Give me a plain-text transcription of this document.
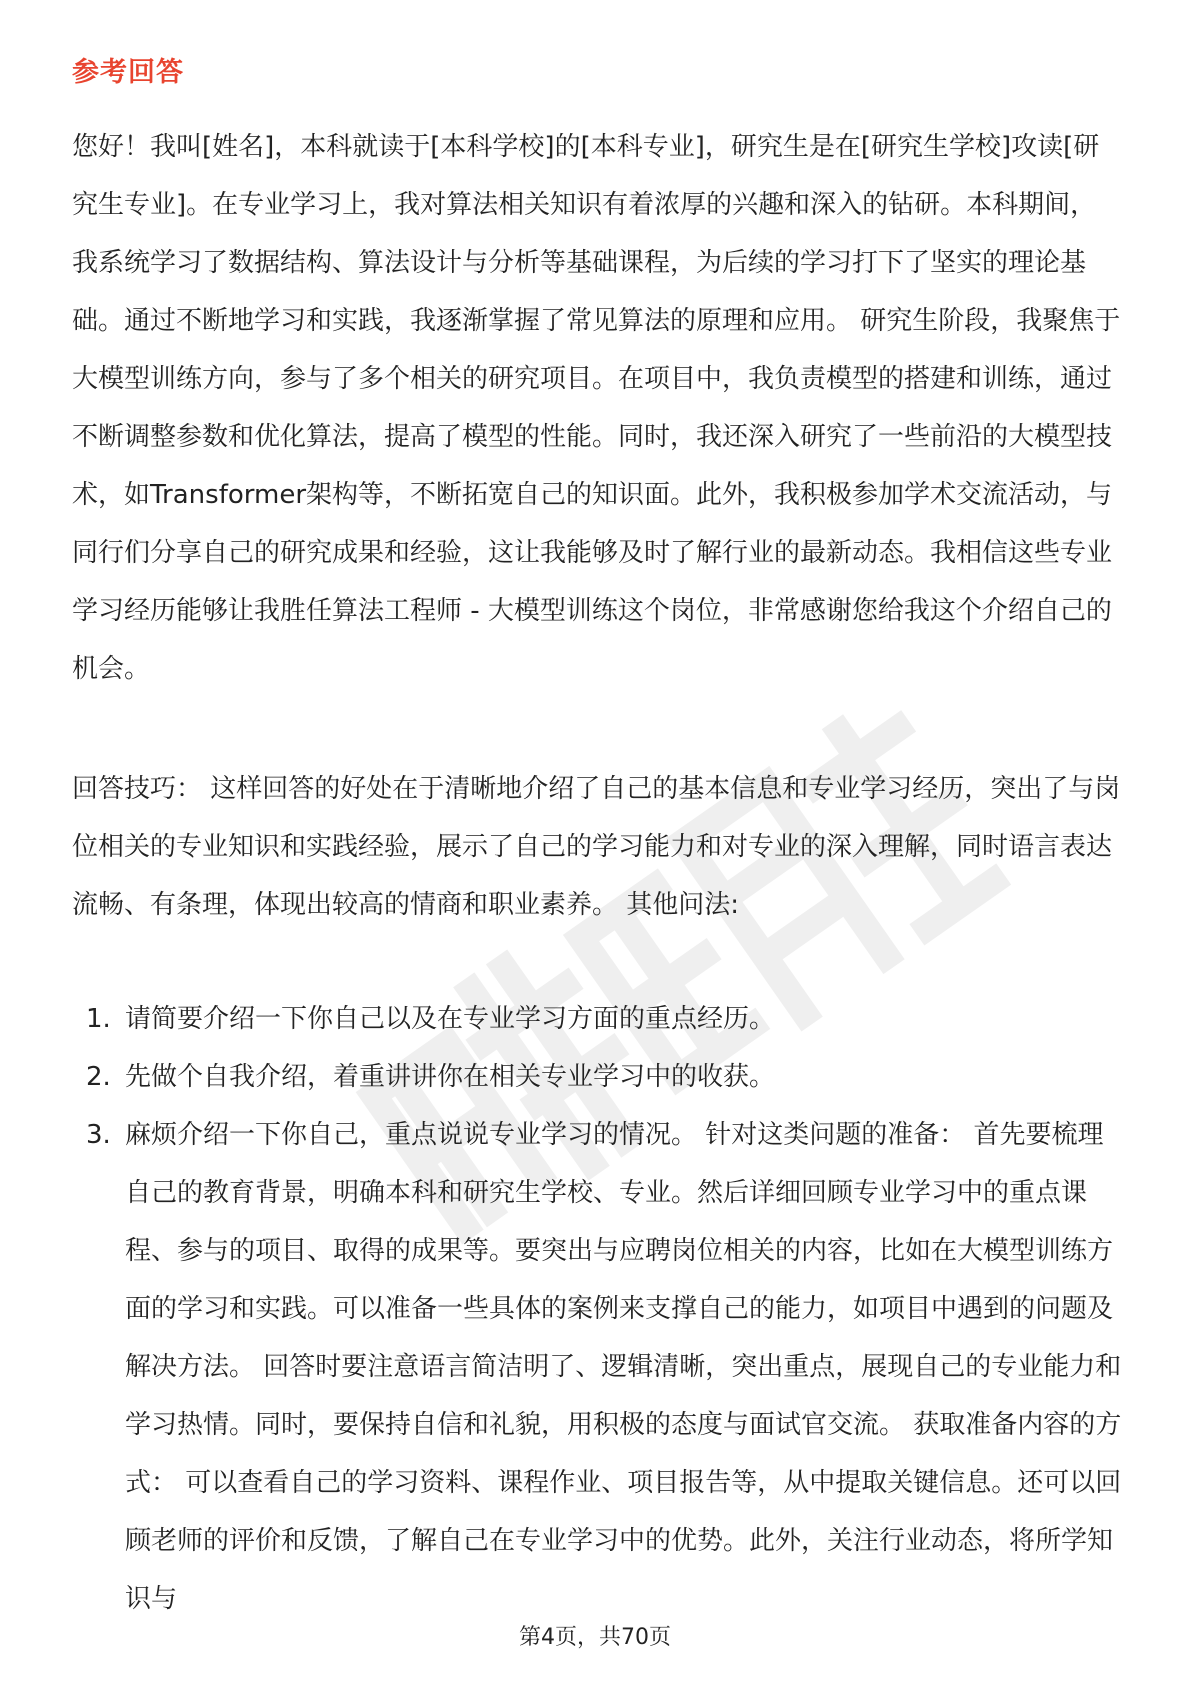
参考回答

您好！我叫[姓名]，本科就读于[本科学校]的[本科专业]，研究生是在[研究生学校]攻读[研究生专业]。在专业学习上，我对算法相关知识有着浓厚的兴趣和深入的钻研。本科期间，我系统学习了数据结构、算法设计与分析等基础课程，为后续的学习打下了坚实的理论基础。通过不断地学习和实践，我逐渐掌握了常见算法的原理和应用。 研究生阶段，我聚焦于大模型训练方向，参与了多个相关的研究项目。在项目中，我负责模型的搭建和训练，通过不断调整参数和优化算法，提高了模型的性能。同时，我还深入研究了一些前沿的大模型技术，如Transformer架构等，不断拓宽自己的知识面。此外，我积极参加学术交流活动，与同行们分享自己的研究成果和经验，这让我能够及时了解行业的最新动态。我相信这些专业学习经历能够让我胜任算法工程师 - 大模型训练这个岗位，非常感谢您给我这个介绍自己的机会。

回答技巧： 这样回答的好处在于清晰地介绍了自己的基本信息和专业学习经历，突出了与岗位相关的专业知识和实践经验，展示了自己的学习能力和对专业的深入理解，同时语言表达流畅、有条理，体现出较高的情商和职业素养。 其他问法:

1. 请简要介绍一下你自己以及在专业学习方面的重点经历。
2. 先做个自我介绍，着重讲讲你在相关专业学习中的收获。
3. 麻烦介绍一下你自己，重点说说专业学习的情况。 针对这类问题的准备： 首先要梳理自己的教育背景，明确本科和研究生学校、专业。然后详细回顾专业学习中的重点课程、参与的项目、取得的成果等。要突出与应聘岗位相关的内容，比如在大模型训练方面的学习和实践。可以准备一些具体的案例来支撑自己的能力，如项目中遇到的问题及解决方法。 回答时要注意语言简洁明了、逻辑清晰，突出重点，展现自己的专业能力和学习热情。同时，要保持自信和礼貌，用积极的态度与面试官交流。 获取准备内容的方式： 可以查看自己的学习资料、课程作业、项目报告等，从中提取关键信息。还可以回顾老师的评价和反馈，了解自己在专业学习中的优势。此外，关注行业动态，将所学知识与
第4页，共70页
